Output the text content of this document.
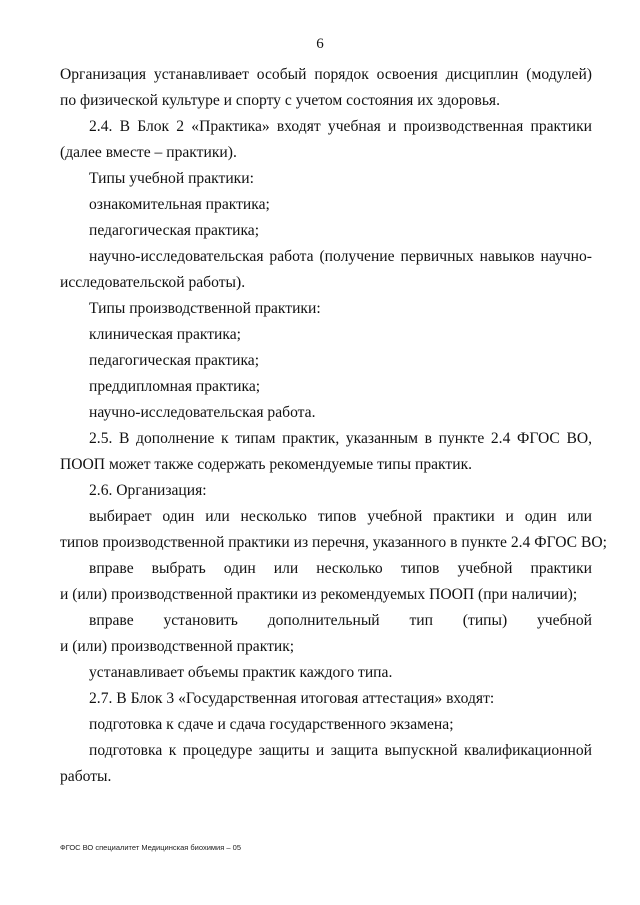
6
Организация устанавливает особый порядок освоения дисциплин (модулей)
по физической культуре и спорту с учетом состояния их здоровья.
2.4. В Блок 2 «Практика» входят учебная и производственная практики
(далее вместе – практики).
Типы учебной практики:
ознакомительная практика;
педагогическая практика;
научно-исследовательская работа (получение первичных навыков научно-
исследовательской работы).
Типы производственной практики:
клиническая практика;
педагогическая практика;
преддипломная практика;
научно-исследовательская работа.
2.5. В дополнение к типам практик, указанным в пункте 2.4 ФГОС ВО,
ПООП может также содержать рекомендуемые типы практик.
2.6. Организация:
выбирает один или несколько типов учебной практики и один или
типов производственной практики из перечня, указанного в пункте 2.4 ФГОС ВО;
вправе выбрать один или несколько типов учебной практики
и (или) производственной практики из рекомендуемых ПООП (при наличии);
вправе установить дополнительный тип (типы) учебной
и (или) производственной практик;
устанавливает объемы практик каждого типа.
2.7. В Блок 3 «Государственная итоговая аттестация» входят:
подготовка к сдаче и сдача государственного экзамена;
подготовка к процедуре защиты и защита выпускной квалификационной
работы.
ФГОС ВО специалитет Медицинская биохимия – 05
